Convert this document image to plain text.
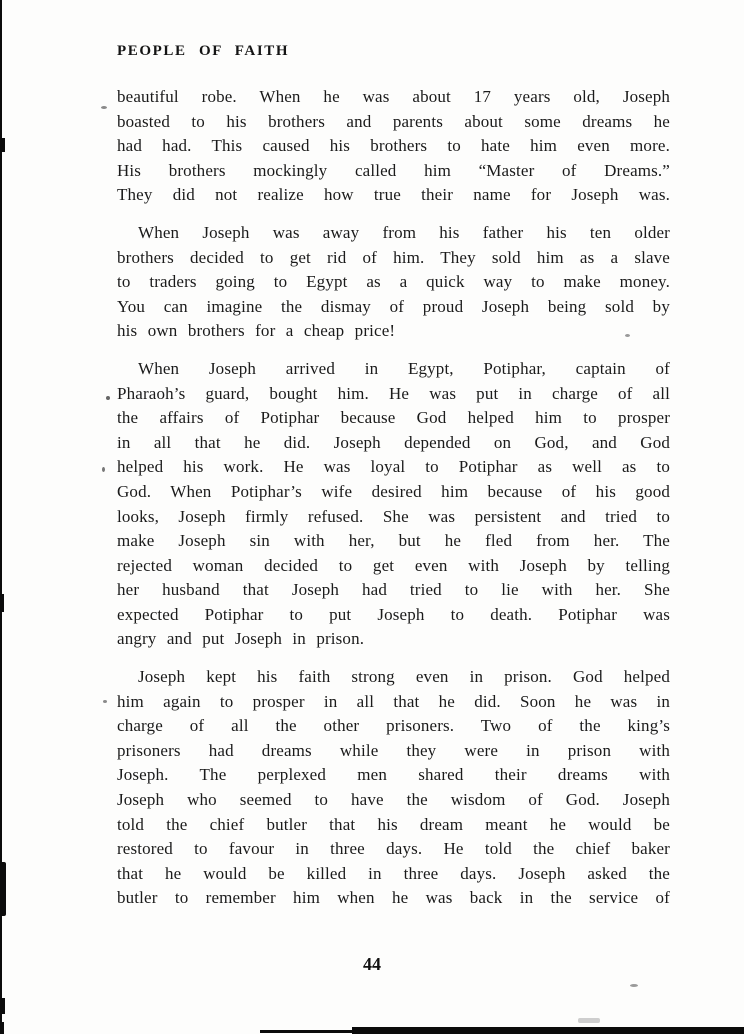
PEOPLE OF FAITH
beautiful robe. When he was about 17 years old, Joseph
boasted to his brothers and parents about some dreams he
had had. This caused his brothers to hate him even more.
His brothers mockingly called him “Master of Dreams.”
They did not realize how true their name for Joseph was.
When Joseph was away from his father his ten older
brothers decided to get rid of him. They sold him as a slave
to traders going to Egypt as a quick way to make money.
You can imagine the dismay of proud Joseph being sold by
his own brothers for a cheap price!
When Joseph arrived in Egypt, Potiphar, captain of
Pharaoh’s guard, bought him. He was put in charge of all
the affairs of Potiphar because God helped him to prosper
in all that he did. Joseph depended on God, and God
helped his work. He was loyal to Potiphar as well as to
God. When Potiphar’s wife desired him because of his good
looks, Joseph firmly refused. She was persistent and tried to
make Joseph sin with her, but he fled from her. The
rejected woman decided to get even with Joseph by telling
her husband that Joseph had tried to lie with her. She
expected Potiphar to put Joseph to death. Potiphar was
angry and put Joseph in prison.
Joseph kept his faith strong even in prison. God helped
him again to prosper in all that he did. Soon he was in
charge of all the other prisoners. Two of the king’s
prisoners had dreams while they were in prison with
Joseph. The perplexed men shared their dreams with
Joseph who seemed to have the wisdom of God. Joseph
told the chief butler that his dream meant he would be
restored to favour in three days. He told the chief baker
that he would be killed in three days. Joseph asked the
butler to remember him when he was back in the service of
44
